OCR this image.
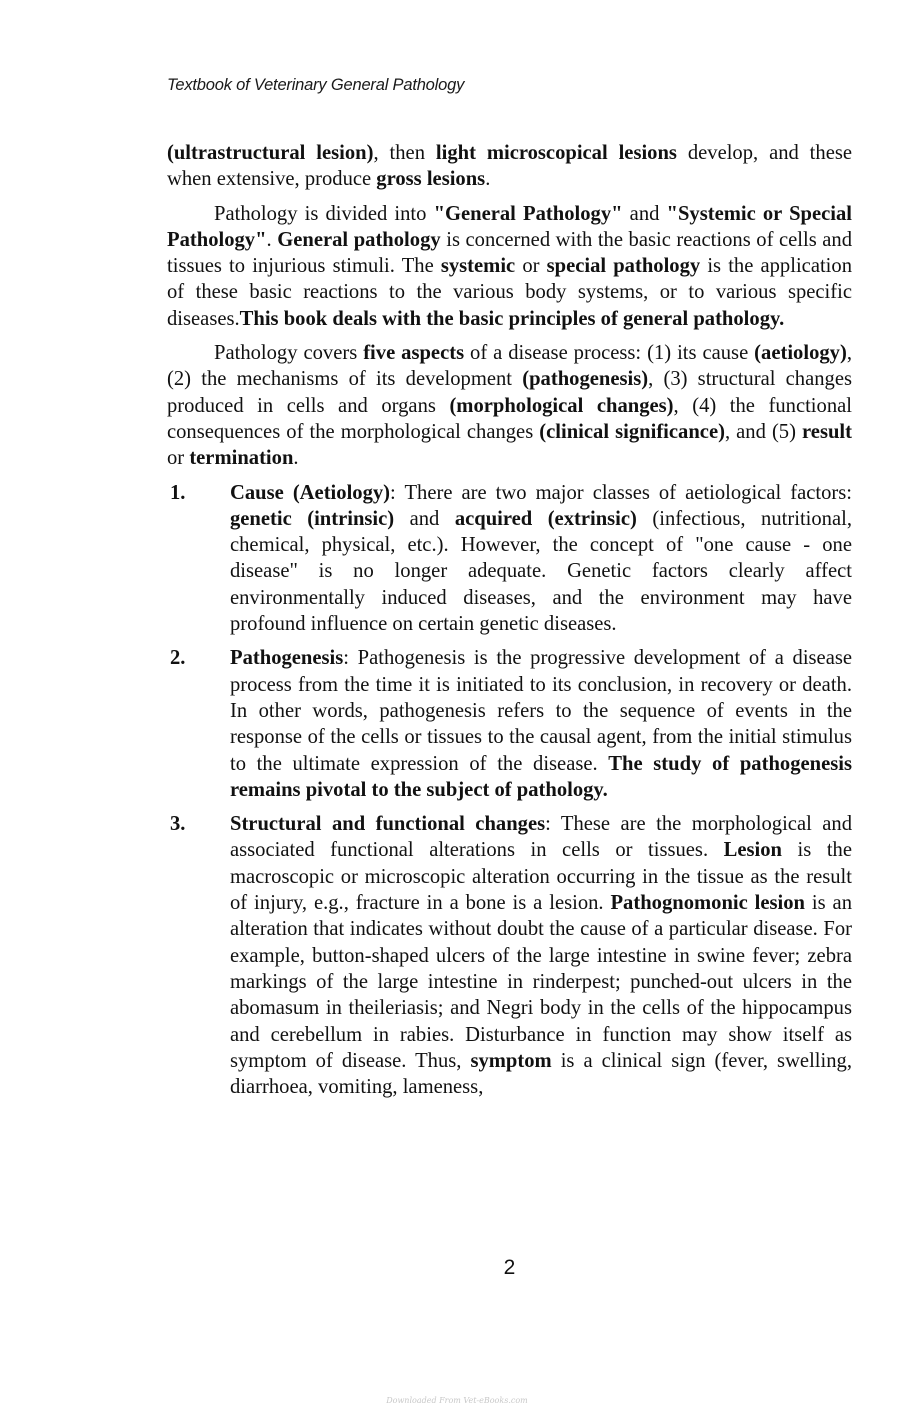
Textbook of Veterinary General Pathology

(ultrastructural lesion), then light microscopical lesions develop, and these when extensive, produce gross lesions.

Pathology is divided into "General Pathology" and "Systemic or Special Pathology". General pathology is concerned with the basic reactions of cells and tissues to injurious stimuli. The systemic or special pathology is the application of these basic reactions to the various body systems, or to various specific diseases.This book deals with the basic principles of general pathology.

Pathology covers five aspects of a disease process: (1) its cause (aetiology), (2) the mechanisms of its development (pathogenesis), (3) structural changes produced in cells and organs (morphological changes), (4) the functional consequences of the morphological changes (clinical significance), and (5) result or termination.

1. Cause (Aetiology): There are two major classes of aetiological factors: genetic (intrinsic) and acquired (extrinsic) (infectious, nutritional, chemical, physical, etc.). However, the concept of "one cause - one disease" is no longer adequate. Genetic factors clearly affect environmentally induced diseases, and the environment may have profound influence on certain genetic diseases.

2. Pathogenesis: Pathogenesis is the progressive development of a disease process from the time it is initiated to its conclusion, in recovery or death. In other words, pathogenesis refers to the sequence of events in the response of the cells or tissues to the causal agent, from the initial stimulus to the ultimate expression of the disease. The study of pathogenesis remains pivotal to the subject of pathology.

3. Structural and functional changes: These are the morphological and associated functional alterations in cells or tissues. Lesion is the macroscopic or microscopic alteration occurring in the tissue as the result of injury, e.g., fracture in a bone is a lesion. Pathognomonic lesion is an alteration that indicates without doubt the cause of a particular disease. For example, button-shaped ulcers of the large intestine in swine fever; zebra markings of the large intestine in rinderpest; punched-out ulcers in the abomasum in theileriasis; and Negri body in the cells of the hippocampus and cerebellum in rabies. Disturbance in function may show itself as symptom of disease. Thus, symptom is a clinical sign (fever, swelling, diarrhoea, vomiting, lameness,

2
Downloaded From Vet-eBooks.com
